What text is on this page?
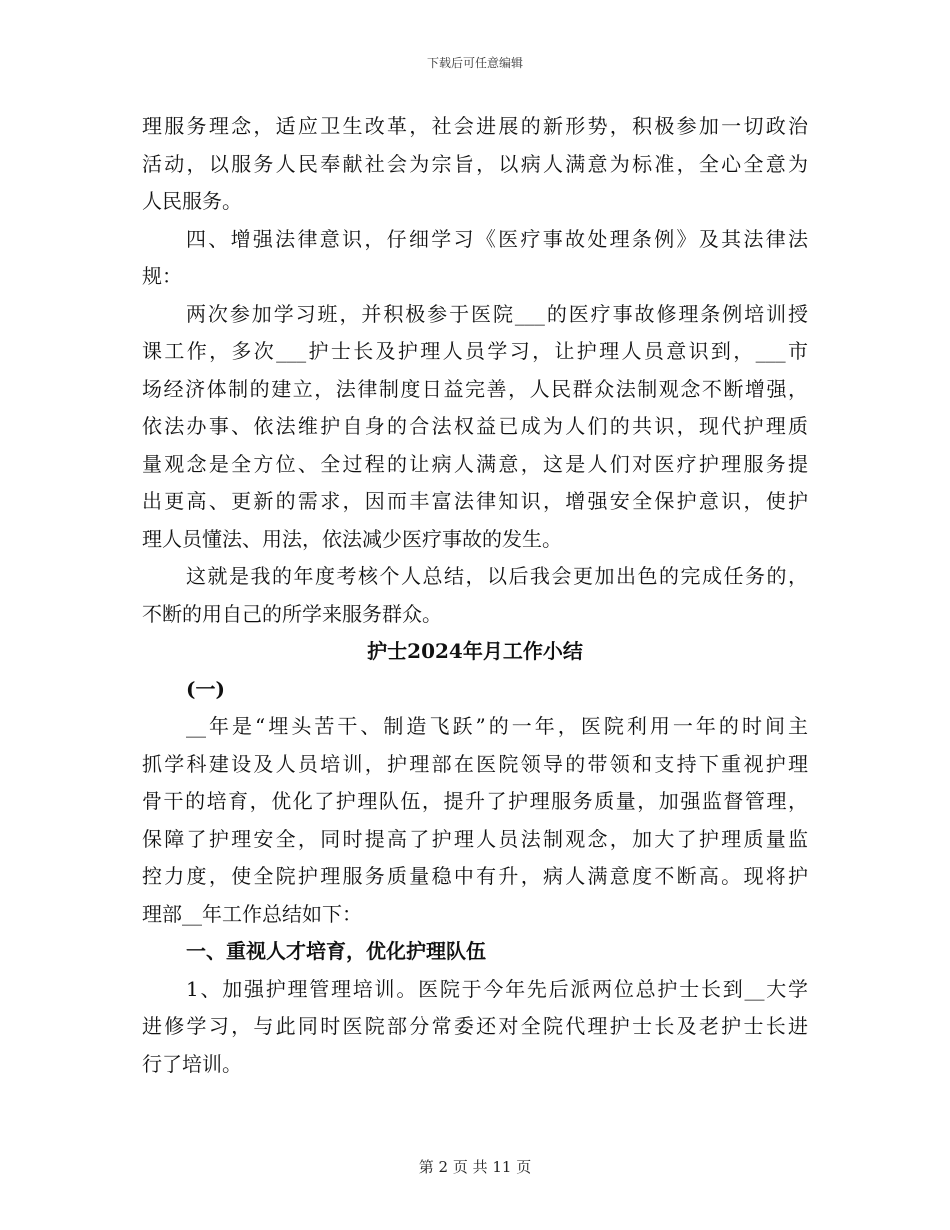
下载后可任意编辑
理服务理念，适应卫生改革，社会进展的新形势，积极参加一切政治
活动，以服务人民奉献社会为宗旨，以病人满意为标准，全心全意为
人民服务。
四、增强法律意识，仔细学习《医疗事故处理条例》及其法律法
规：
两次参加学习班，并积极参于医院___的医疗事故修理条例培训授
课工作，多次___护士长及护理人员学习，让护理人员意识到，___市
场经济体制的建立，法律制度日益完善，人民群众法制观念不断增强，
依法办事、依法维护自身的合法权益已成为人们的共识，现代护理质
量观念是全方位、全过程的让病人满意，这是人们对医疗护理服务提
出更高、更新的需求，因而丰富法律知识，增强安全保护意识，使护
理人员懂法、用法，依法减少医疗事故的发生。
这就是我的年度考核个人总结，以后我会更加出色的完成任务的，
不断的用自己的所学来服务群众。
护士2024年月工作小结
(一)
__年是“埋头苦干、制造飞跃”的一年，医院利用一年的时间主
抓学科建设及人员培训，护理部在医院领导的带领和支持下重视护理
骨干的培育，优化了护理队伍，提升了护理服务质量，加强监督管理，
保障了护理安全，同时提高了护理人员法制观念，加大了护理质量监
控力度，使全院护理服务质量稳中有升，病人满意度不断高。现将护
理部__年工作总结如下：
一、重视人才培育，优化护理队伍
1、加强护理管理培训。医院于今年先后派两位总护士长到__大学
进修学习，与此同时医院部分常委还对全院代理护士长及老护士长进
行了培训。
第 2 页 共 11 页
